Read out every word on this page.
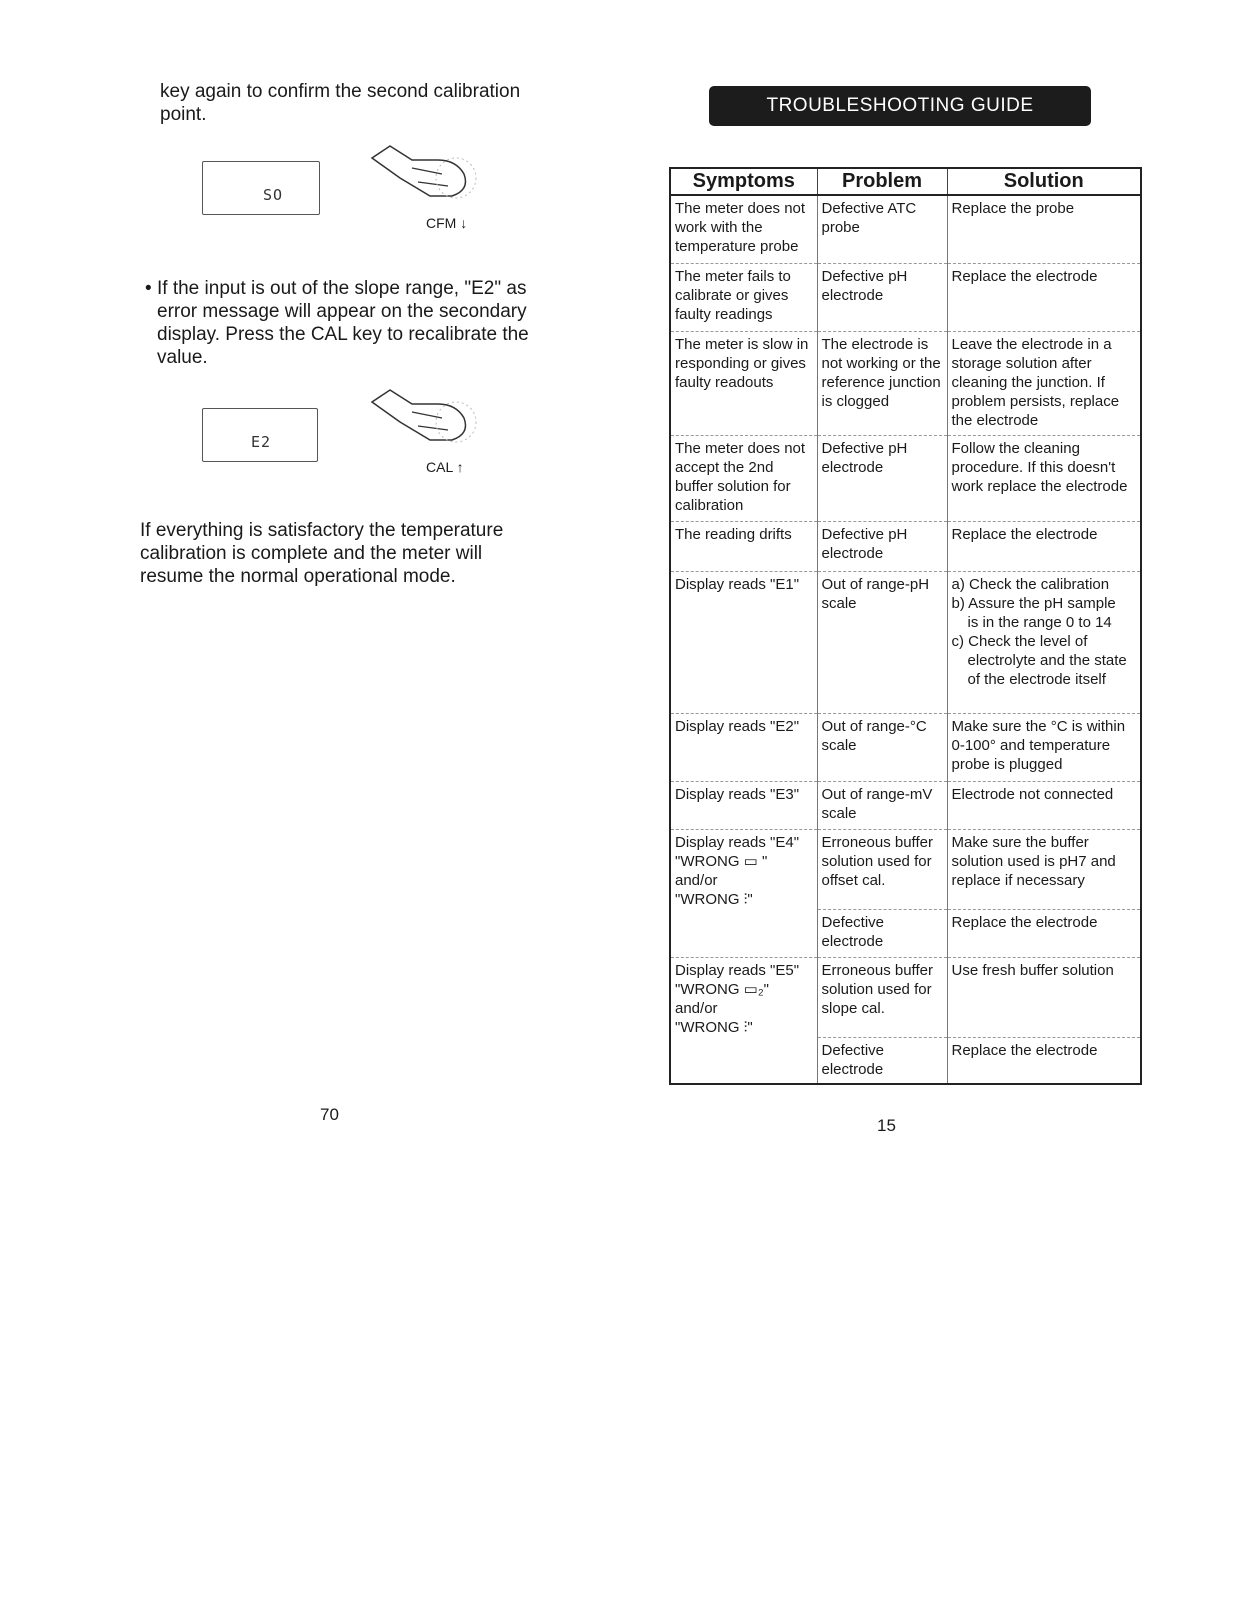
key again to confirm the second calibration point.
SO
CFM ↓
• If the input is out of the slope range, "E2" as error message will appear on the secondary display. Press the CAL key to recalibrate the value.
E2
CAL ↑
If everything is satisfactory the temperature calibration is complete and the meter will resume the normal operational mode.
70
TROUBLESHOOTING GUIDE
Symptoms	Problem	Solution
The meter does not work with the temperature probe	Defective ATC probe	Replace the probe
The meter fails to calibrate or gives faulty readings	Defective pH electrode	Replace the electrode
The meter is slow in responding or gives faulty readouts	The electrode is not working or the reference junction is clogged	Leave the electrode in a storage solution after cleaning the junction. If problem persists, replace the electrode
The meter does not accept the 2nd buffer solution for calibration	Defective pH electrode	Follow the cleaning procedure. If this doesn't work replace the electrode
The reading drifts	Defective pH electrode	Replace the electrode
Display reads "E1"	Out of range-pH scale	a) Check the calibration
b) Assure the pH sample
is in the range 0 to 14
c) Check the level of
electrolyte and the state of the electrode itself

Display reads "E2"	Out of range-°C scale	Make sure the °C is within 0-100° and temperature probe is plugged
Display reads "E3"	Out of range-mV scale	Electrode not connected

Display reads "E4"
"WRONG ▭ "
and/or
"WRONG ⫶"	Erroneous buffer solution used for offset cal.	Make sure the buffer solution used is pH7 and replace if necessary
	Defective electrode	Replace the electrode

Display reads "E5"
"WRONG ▭₂"
and/or
"WRONG ⫶"	Erroneous buffer solution used for slope cal.	Use fresh buffer solution
	Defective electrode	Replace the electrode
15
